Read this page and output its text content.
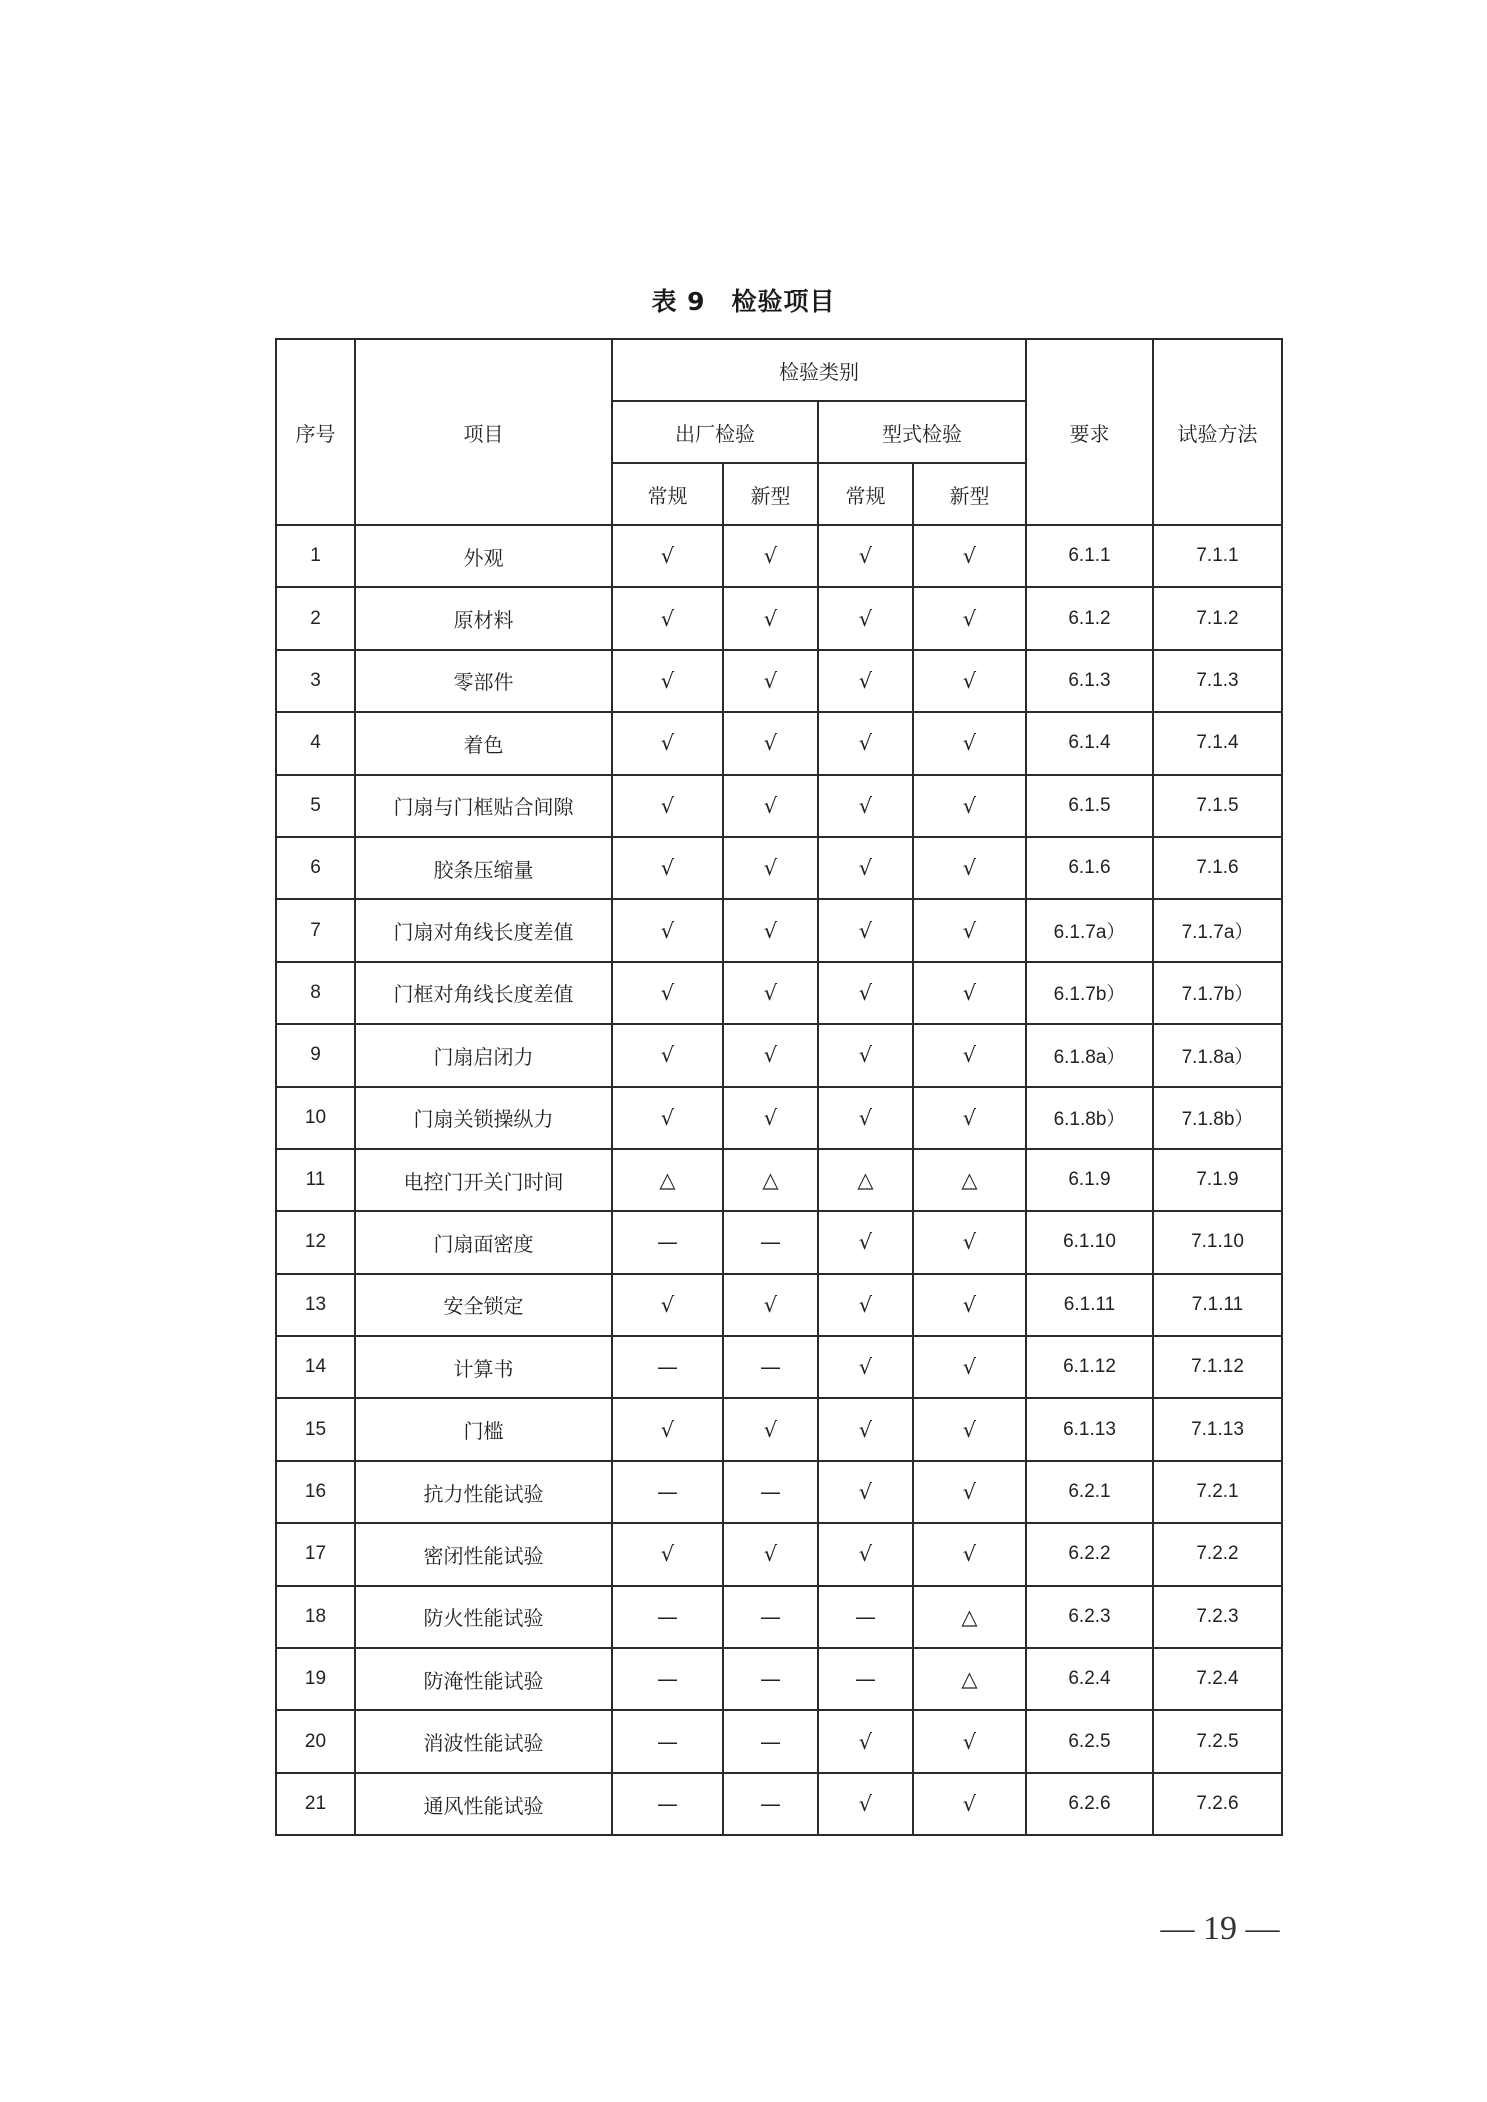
表 9 检验项目
序号	项目	检验类别				要求	试验方法
		出厂检验		型式检验			
		常规	新型	常规	新型		
1	外观	√	√	√	√	6.1.1	7.1.1
2	原材料	√	√	√	√	6.1.2	7.1.2
3	零部件	√	√	√	√	6.1.3	7.1.3
4	着色	√	√	√	√	6.1.4	7.1.4
5	门扇与门框贴合间隙	√	√	√	√	6.1.5	7.1.5
6	胶条压缩量	√	√	√	√	6.1.6	7.1.6
7	门扇对角线长度差值	√	√	√	√	6.1.7a）	7.1.7a）
8	门框对角线长度差值	√	√	√	√	6.1.7b）	7.1.7b）
9	门扇启闭力	√	√	√	√	6.1.8a）	7.1.8a）
10	门扇关锁操纵力	√	√	√	√	6.1.8b）	7.1.8b）
11	电控门开关门时间	△	△	△	△	6.1.9	7.1.9
12	门扇面密度	—	—	√	√	6.1.10	7.1.10
13	安全锁定	√	√	√	√	6.1.11	7.1.11
14	计算书	—	—	√	√	6.1.12	7.1.12
15	门槛	√	√	√	√	6.1.13	7.1.13
16	抗力性能试验	—	—	√	√	6.2.1	7.2.1
17	密闭性能试验	√	√	√	√	6.2.2	7.2.2
18	防火性能试验	—	—	—	△	6.2.3	7.2.3
19	防淹性能试验	—	—	—	△	6.2.4	7.2.4
20	消波性能试验	—	—	√	√	6.2.5	7.2.5
21	通风性能试验	—	—	√	√	6.2.6	7.2.6
— 19 —
